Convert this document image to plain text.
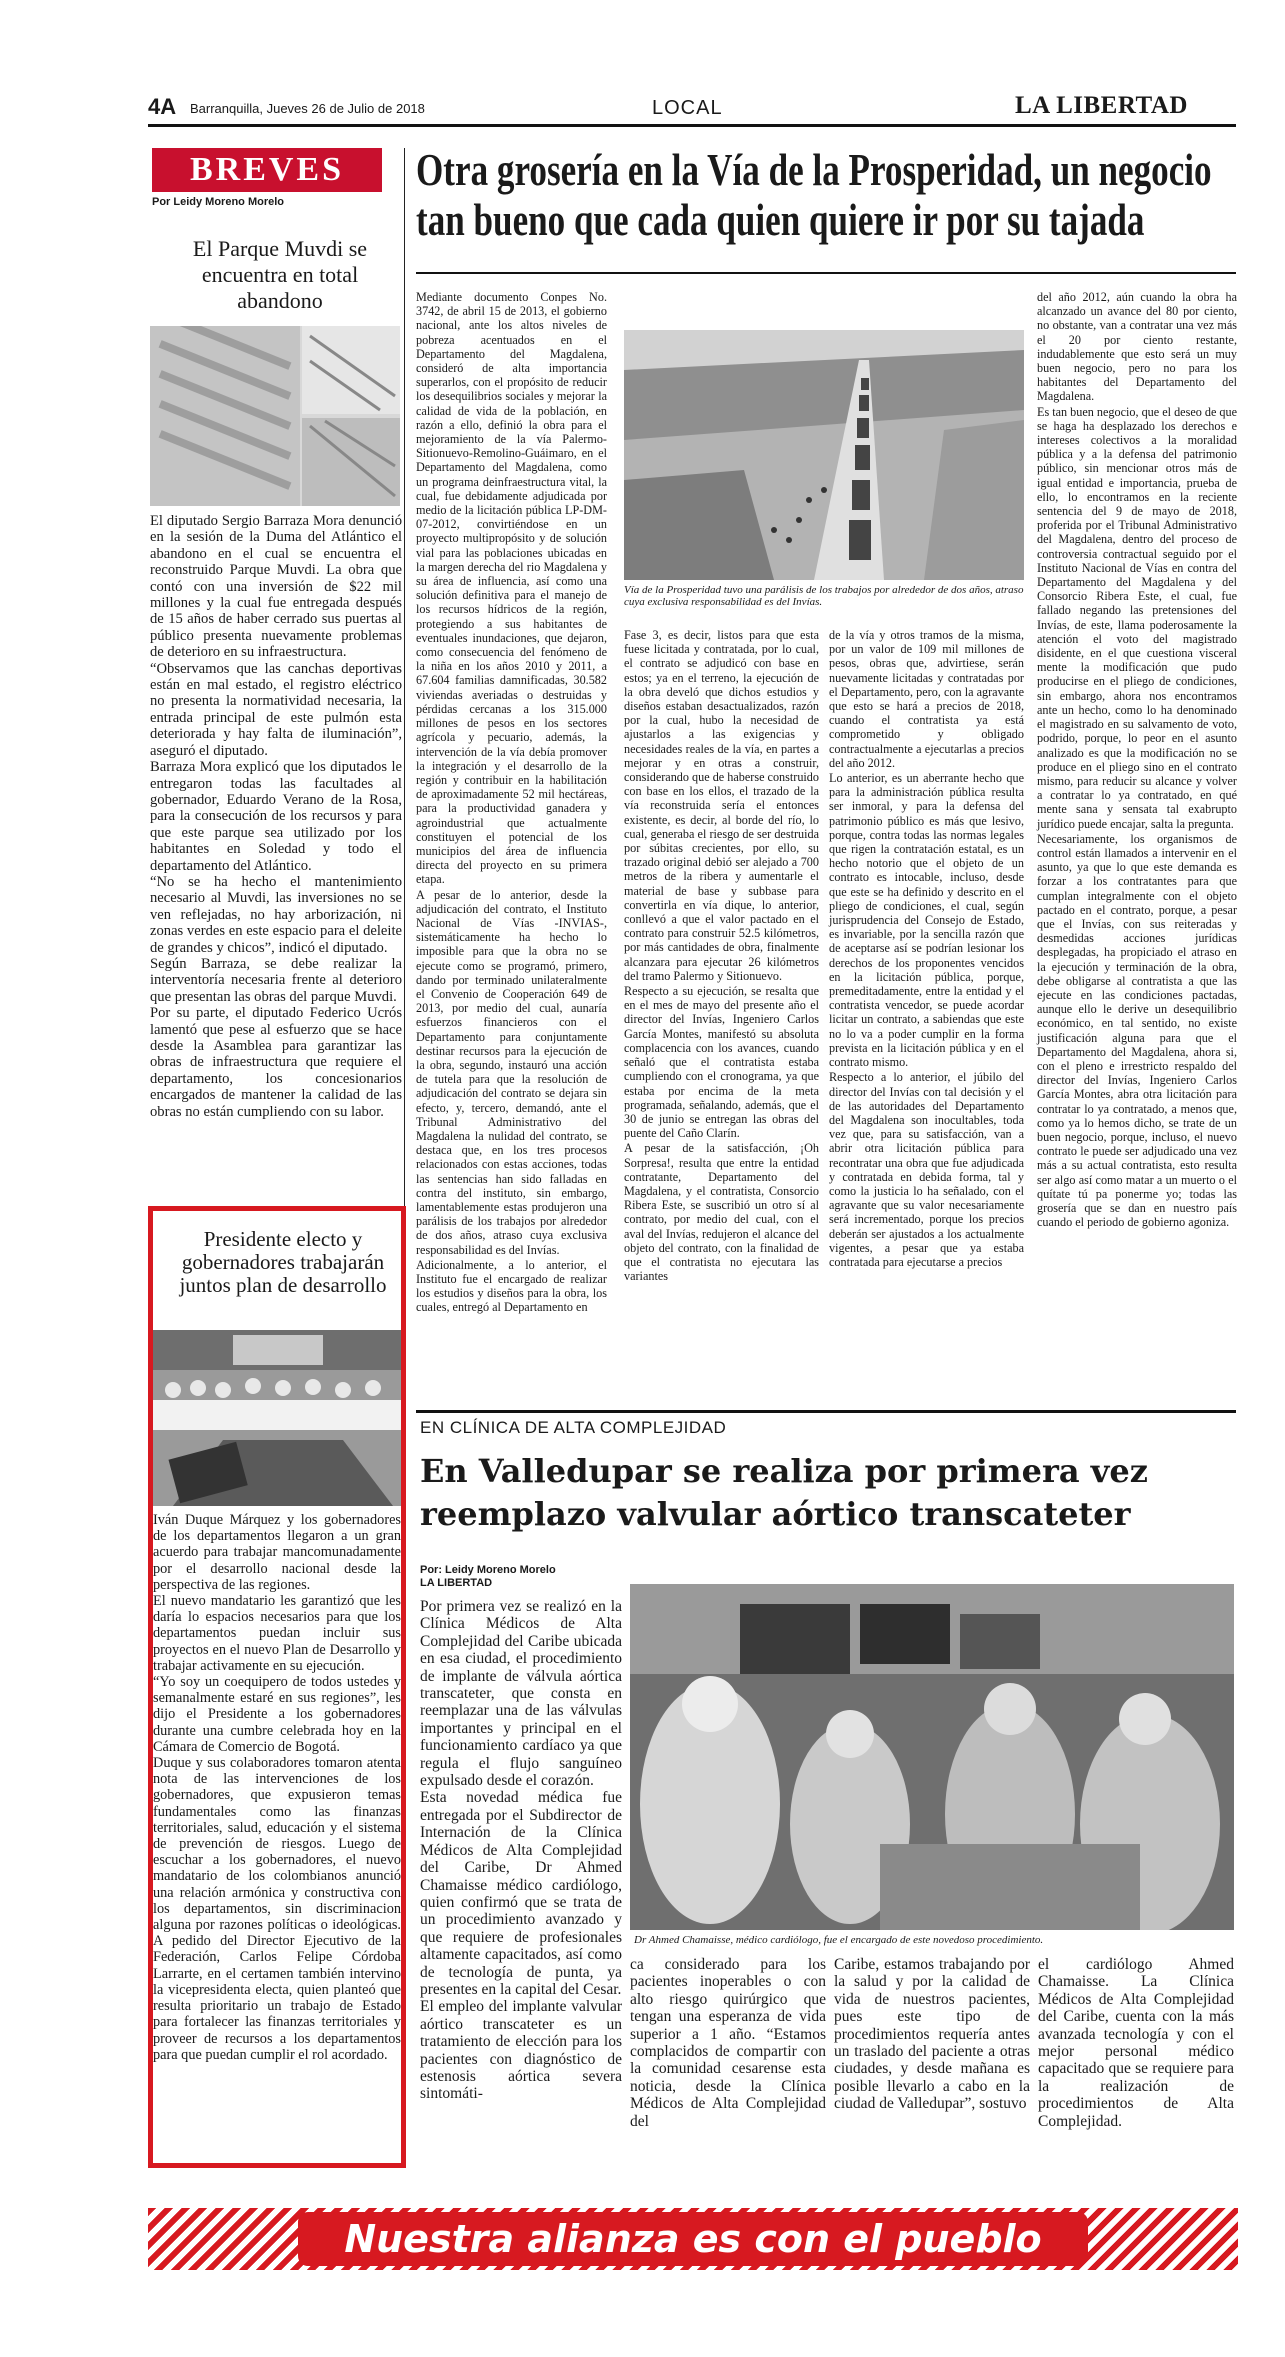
4A Barranquilla, Jueves 26 de Julio de 2018	LOCAL	LA LIBERTAD
BREVES
Por Leidy Moreno Morelo
El Parque Muvdi se encuentra en total abandono

El diputado Sergio Barraza Mora denunció en la sesión de la Duma del Atlántico el abandono en el cual se encuentra el reconstruido Parque Muvdi. La obra que contó con una inversión de $22 mil millones y la cual fue entregada después de 15 años de haber cerrado sus puertas al público presenta nuevamente problemas de deterioro en su infraestructura.

“Observamos que las canchas deportivas están en mal estado, el registro eléctrico no presenta la normatividad necesaria, la entrada principal de este pulmón esta deteriorada y hay falta de iluminación”, aseguró el diputado.

Barraza Mora explicó que los diputados le entregaron todas las facultades al gobernador, Eduardo Verano de la Rosa, para la consecución de los recursos y para que este parque sea utilizado por los habitantes en Soledad y todo el departamento del Atlántico.

“No se ha hecho el mantenimiento necesario al Muvdi, las inversiones no se ven reflejadas, no hay arborización, ni zonas verdes en este espacio para el deleite de grandes y chicos”, indicó el diputado.

Según Barraza, se debe realizar la interventoría necesaria frente al deterioro que presentan las obras del parque Muvdi.

Por su parte, el diputado Federico Ucrós lamentó que pese al esfuerzo que se hace desde la Asamblea para garantizar las obras de infraestructura que requiere el departamento, los concesionarios encargados de mantener la calidad de las obras no están cumpliendo con su labor.

Presidente electo y gobernadores trabajarán juntos plan de desarrollo

Iván Duque Márquez y los gobernadores de los departamentos llegaron a un gran acuerdo para trabajar mancomunadamente por el desarrollo nacional desde la perspectiva de las regiones.

El nuevo mandatario les garantizó que les daría lo espacios necesarios para que los departamentos puedan incluir sus proyectos en el nuevo Plan de Desarrollo y trabajar activamente en su ejecución.

“Yo soy un coequipero de todos ustedes y semanalmente estaré en sus regiones”, les dijo el Presidente a los gobernadores durante una cumbre celebrada hoy en la Cámara de Comercio de Bogotá.

Duque y sus colaboradores tomaron atenta nota de las intervenciones de los gobernadores, que expusieron temas fundamentales como las finanzas territoriales, salud, educación y el sistema de prevención de riesgos. Luego de escuchar a los gobernadores, el nuevo mandatario de los colombianos anunció una relación armónica y constructiva con los departamentos, sin discriminacion alguna por razones políticas o ideológicas. A pedido del Director Ejecutivo de la Federación, Carlos Felipe Córdoba Larrarte, en el certamen también intervino la vicepresidenta electa, quien planteó que resulta prioritario un trabajo de Estado para fortalecer las finanzas territoriales y proveer de recursos a los departamentos para que puedan cumplir el rol acordado.

Otra grosería en la Vía de la Prosperidad, un negocio
tan bueno que cada quien quiere ir por su tajada

Mediante documento Conpes No. 3742, de abril 15 de 2013, el gobierno nacional, ante los altos niveles de pobreza acentuados en el Departamento del Magdalena, consideró de alta importancia superarlos, con el propósito de reducir los desequilibrios sociales y mejorar la calidad de vida de la población, en razón a ello, definió la obra para el mejoramiento de la vía Palermo-Sitionuevo-Remolino-Guáimaro, en el Departamento del Magdalena, como un programa deinfraestructura vital, la cual, fue debidamente adjudicada por medio de la licitación pública LP-DM-07-2012, convirtiéndose en un proyecto multipropósito y de solución vial para las poblaciones ubicadas en la margen derecha del rio Magdalena y su área de influencia, así como una solución definitiva para el manejo de los recursos hídricos de la región, protegiendo a sus habitantes de eventuales inundaciones, que dejaron, como consecuencia del fenómeno de la niña en los años 2010 y 2011, a 67.604 familias damnificadas, 30.582 viviendas averiadas o destruidas y pérdidas cercanas a los 315.000 millones de pesos en los sectores agrícola y pecuario, además, la intervención de la vía debía promover la integración y el desarrollo de la región y contribuir en la habilitación de aproximadamente 52 mil hectáreas, para la productividad ganadera y agroindustrial que actualmente constituyen el potencial de los municipios del área de influencia directa del proyecto en su primera etapa.

A pesar de lo anterior, desde la adjudicación del contrato, el Instituto Nacional de Vías -INVIAS-, sistemáticamente ha hecho lo imposible para que la obra no se ejecute como se programó, primero, dando por terminado unilateralmente el Convenio de Cooperación 649 de 2013, por medio del cual, aunaría esfuerzos financieros con el Departamento para conjuntamente destinar recursos para la ejecución de la obra, segundo, instauró una acción de tutela para que la resolución de adjudicación del contrato se dejara sin efecto, y, tercero, demandó, ante el Tribunal Administrativo del Magdalena la nulidad del contrato, se destaca que, en los tres procesos relacionados con estas acciones, todas las sentencias han sido falladas en contra del instituto, sin embargo, lamentablemente estas produjeron una parálisis de los trabajos por alrededor de dos años, atraso cuya exclusiva responsabilidad es del Invías.

Adicionalmente, a lo anterior, el Instituto fue el encargado de realizar los estudios y diseños para la obra, los cuales, entregó al Departamento en

Vía de la Prosperidad tuvo una parálisis de los trabajos por alrededor de dos años, atraso cuya exclusiva responsabilidad es del Invías.

Fase 3, es decir, listos para que esta fuese licitada y contratada, por lo cual, el contrato se adjudicó con base en estos; ya en el terreno, la ejecución de la obra develó que dichos estudios y diseños estaban desactualizados, razón por la cual, hubo la necesidad de ajustarlos a las exigencias y necesidades reales de la vía, en partes a mejorar y en otras a construir, considerando que de haberse construido con base en los ellos, el trazado de la vía reconstruida sería el entonces existente, es decir, al borde del río, lo cual, generaba el riesgo de ser destruida por súbitas crecientes, por ello, su trazado original debió ser alejado a 700 metros de la ribera y aumentarle el material de base y subbase para convertirla en vía dique, lo anterior, conllevó a que el valor pactado en el contrato para construir 52.5 kilómetros, por más cantidades de obra, finalmente alcanzara para ejecutar 26 kilómetros del tramo Palermo y Sitionuevo.

Respecto a su ejecución, se resalta que en el mes de mayo del presente año el director del Invías, Ingeniero Carlos García Montes, manifestó su absoluta complacencia con los avances, cuando señaló que el contratista estaba cumpliendo con el cronograma, ya que estaba por encima de la meta programada, señalando, además, que el 30 de junio se entregan las obras del puente del Caño Clarín.

A pesar de la satisfacción, ¡Oh Sorpresa!, resulta que entre la entidad contratante, Departamento del Magdalena, y el contratista, Consorcio Ribera Este, se suscribió un otro sí al contrato, por medio del cual, con el aval del Invías, redujeron el alcance del objeto del contrato, con la finalidad de que el contratista no ejecutara las variantes

de la vía y otros tramos de la misma, por un valor de 109 mil millones de pesos, obras que, advirtiese, serán nuevamente licitadas y contratadas por el Departamento, pero, con la agravante que esto se hará a precios de 2018, cuando el contratista ya está comprometido y obligado contractualmente a ejecutarlas a precios del año 2012.

Lo anterior, es un aberrante hecho que para la administración pública resulta ser inmoral, y para la defensa del patrimonio público es más que lesivo, porque, contra todas las normas legales que rigen la contratación estatal, es un hecho notorio que el objeto de un contrato es intocable, incluso, desde que este se ha definido y descrito en el pliego de condiciones, el cual, según jurisprudencia del Consejo de Estado, es invariable, por la sencilla razón que de aceptarse así se podrían lesionar los derechos de los proponentes vencidos en la licitación pública, porque, premeditadamente, entre la entidad y el contratista vencedor, se puede acordar licitar un contrato, a sabiendas que este no lo va a poder cumplir en la forma prevista en la licitación pública y en el contrato mismo.

Respecto a lo anterior, el júbilo del director del Invías con tal decisión y el de las autoridades del Departamento del Magdalena son inocultables, toda vez que, para su satisfacción, van a abrir otra licitación pública para recontratar una obra que fue adjudicada y contratada en debida forma, tal y como la justicia lo ha señalado, con el agravante que su valor necesariamente será incrementado, porque los precios deberán ser ajustados a los actualmente vigentes, a pesar que ya estaba contratada para ejecutarse a precios

del año 2012, aún cuando la obra ha alcanzado un avance del 80 por ciento, no obstante, van a contratar una vez más el 20 por ciento restante, indudablemente que esto será un muy buen negocio, pero no para los habitantes del Departamento del Magdalena.

Es tan buen negocio, que el deseo de que se haga ha desplazado los derechos e intereses colectivos a la moralidad pública y a la defensa del patrimonio público, sin mencionar otros más de igual entidad e importancia, prueba de ello, lo encontramos en la reciente sentencia del 9 de mayo de 2018, proferida por el Tribunal Administrativo del Magdalena, dentro del proceso de controversia contractual seguido por el Instituto Nacional de Vías en contra del Departamento del Magdalena y del Consorcio Ribera Este, el cual, fue fallado negando las pretensiones del Invías, de este, llama poderosamente la atención el voto del magistrado disidente, en el que cuestiona visceral mente la modificación que pudo producirse en el pliego de condiciones, sin embargo, ahora nos encontramos ante un hecho, como lo ha denominado el magistrado en su salvamento de voto, podrido, porque, lo peor en el asunto analizado es que la modificación no se produce en el pliego sino en el contrato mismo, para reducir su alcance y volver a contratar lo ya contratado, en qué mente sana y sensata tal exabrupto jurídico puede encajar, salta la pregunta.

Necesariamente, los organismos de control están llamados a intervenir en el asunto, ya que lo que este demanda es forzar a los contratantes para que cumplan integralmente con el objeto pactado en el contrato, porque, a pesar que el Invías, con sus reiteradas y desmedidas acciones jurídicas desplegadas, ha propiciado el atraso en la ejecución y terminación de la obra, debe obligarse al contratista a que las ejecute en las condiciones pactadas, aunque ello le derive un desequilibrio económico, en tal sentido, no existe justificación alguna para que el Departamento del Magdalena, ahora si, con el pleno e irrestricto respaldo del director del Invías, Ingeniero Carlos García Montes, abra otra licitación para contratar lo ya contratado, a menos que, como ya lo hemos dicho, se trate de un buen negocio, porque, incluso, el nuevo contrato le puede ser adjudicado una vez más a su actual contratista, esto resulta ser algo así como matar a un muerto o el quítate tú pa ponerme yo; todas las grosería que se dan en nuestro país cuando el periodo de gobierno agoniza.

EN CLÍNICA DE ALTA COMPLEJIDAD
En Valledupar se realiza por primera vez
reemplazo valvular aórtico transcateter
Por: Leidy Moreno Morelo
LA LIBERTAD
Dr Ahmed Chamaisse, médico cardiólogo, fue el encargado de este novedoso procedimiento.

Por primera vez se realizó en la Clínica Médicos de Alta Complejidad del Caribe ubicada en esa ciudad, el procedimiento de implante de válvula aórtica transcateter, que consta en reemplazar una de las válvulas importantes y principal en el funcionamiento cardíaco ya que regula el flujo sanguíneo expulsado desde el corazón.

Esta novedad médica fue entregada por el Subdirector de Internación de la Clínica Médicos de Alta Complejidad del Caribe, Dr Ahmed Chamaisse médico cardiólogo, quien confirmó que se trata de un procedimiento avanzado y que requiere de profesionales altamente capacitados, así como de tecnología de punta, ya presentes en la capital del Cesar.

El empleo del implante valvular aórtico transcateter es un tratamiento de elección para los pacientes con diagnóstico de estenosis aórtica severa sintomáti-

ca considerado para los pacientes inoperables o con alto riesgo quirúrgico que tengan una esperanza de vida superior a 1 año. “Estamos complacidos de compartir con la comunidad cesarense esta noticia, desde la Clínica Médicos de Alta Complejidad del
Caribe, estamos trabajando por la salud y por la calidad de vida de nuestros pacientes, pues este tipo de procedimientos requería antes un traslado del paciente a otras ciudades, y desde mañana es posible llevarlo a cabo en la ciudad de Valledupar”, sostuvo
el cardiólogo Ahmed Chamaisse. La Clínica Médicos de Alta Complejidad del Caribe, cuenta con la más avanzada tecnología y con el mejor personal médico capacitado que se requiere para la realización de procedimientos de Alta Complejidad.
Nuestra alianza es con el pueblo
